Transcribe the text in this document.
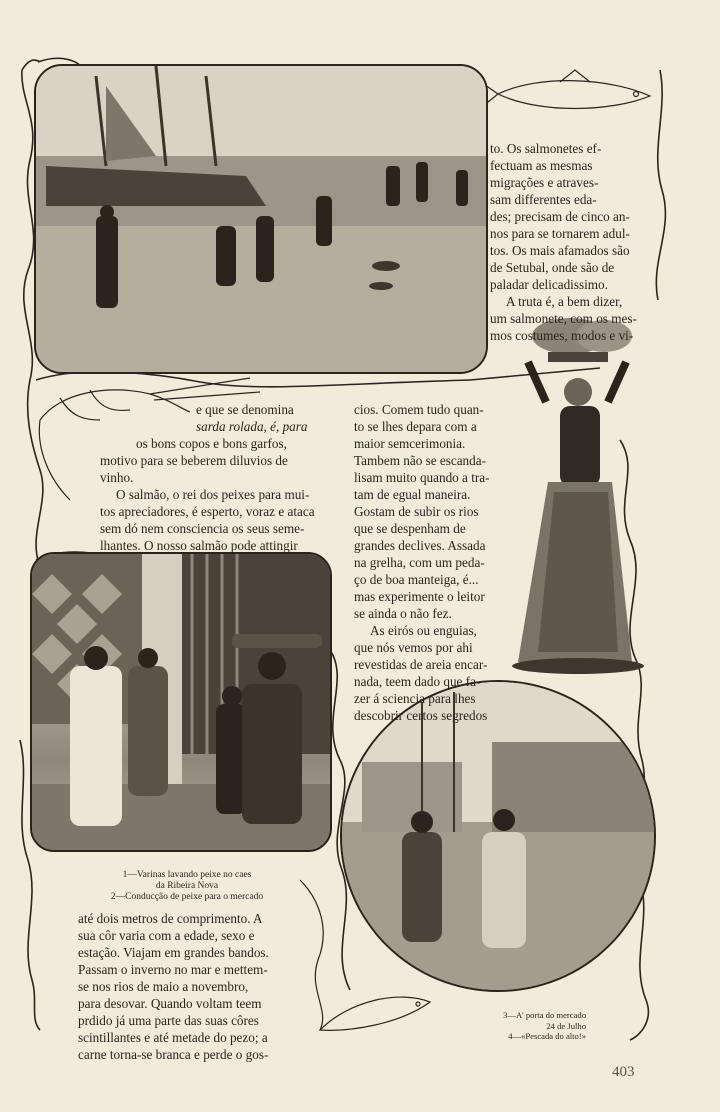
to. Os salmonetes ef-

fectuam as mesmas

migrações e atraves-

sam differentes eda-

des; precisam de cinco an-

nos para se tornarem adul-

tos. Os mais afamados são

de Setubal, onde são de

paladar delicadissimo.

A truta é, a bem dizer,

um salmonete, com os mes-

mos costumes, modos e vi-

e que se denomina

sarda rolada, é, para

os bons copos e bons garfos,

motivo para se beberem diluvios de

vinho.

O salmão, o rei dos peixes para mui-

tos apreciadores, é esperto, voraz e ataca

sem dó nem consciencia os seus seme-

lhantes. O nosso salmão pode attingir

cios. Comem tudo quan-

to se lhes depara com a

maior semcerimonia.

Tambem não se escanda-

lisam muito quando a tra-

tam de egual maneira.

Gostam de subir os rios

que se despenham de

grandes declives. Assada

na grelha, com um peda-

ço de boa manteiga, é...

mas experimente o leitor

se ainda o não fez.

As eirós ou enguias,

que nós vemos por ahi

revestidas de areia encar-

nada, teem dado que fa-

zer á sciencia para lhes

descobrir certos segredos

1—Varinas lavando peixe no caes
da Ribeira Nova
2—Conducção de peixe para o mercado

até dois metros de comprimento. A

sua côr varia com a edade, sexo e

estação. Viajam em grandes bandos.

Passam o inverno no mar e mettem-

se nos rios de maio a novembro,

para desovar. Quando voltam teem

prdido já uma parte das suas côres

scintillantes e até metade do pezo; a

carne torna-se branca e perde o gos-

3—A' porta do mercado
24 de Julho
4—«Pescada do alto!»
403
